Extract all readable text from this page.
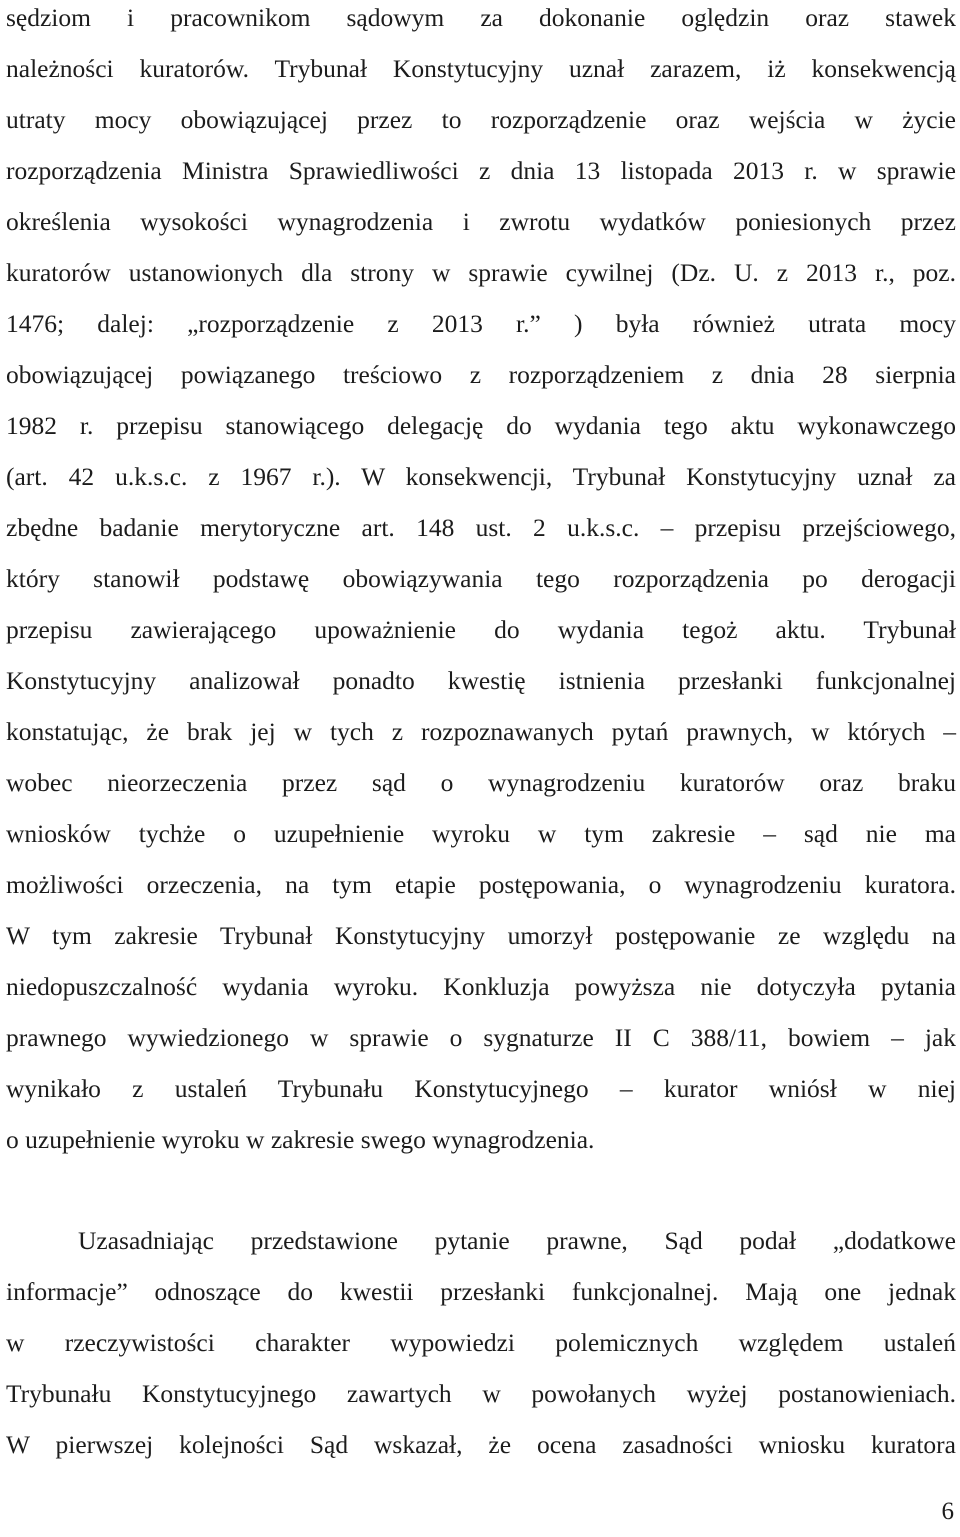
sędziom i pracownikom sądowym za dokonanie oględzin oraz stawek
należności kuratorów. Trybunał Konstytucyjny uznał zarazem, iż konsekwencją
utraty mocy obowiązującej przez to rozporządzenie oraz wejścia w życie
rozporządzenia Ministra Sprawiedliwości z dnia 13 listopada 2013 r. w sprawie
określenia wysokości wynagrodzenia i zwrotu wydatków poniesionych przez
kuratorów ustanowionych dla strony w sprawie cywilnej (Dz. U. z 2013 r., poz.
1476; dalej: „rozporządzenie z 2013 r.” ) była również utrata mocy
obowiązującej powiązanego treściowo z rozporządzeniem z dnia 28 sierpnia
1982 r. przepisu stanowiącego delegację do wydania tego aktu wykonawczego
(art. 42 u.k.s.c. z 1967 r.). W konsekwencji, Trybunał Konstytucyjny uznał za
zbędne badanie merytoryczne art. 148 ust. 2 u.k.s.c. – przepisu przejściowego,
który stanowił podstawę obowiązywania tego rozporządzenia po derogacji
przepisu zawierającego upoważnienie do wydania tegoż aktu. Trybunał
Konstytucyjny analizował ponadto kwestię istnienia przesłanki funkcjonalnej
konstatując, że brak jej w tych z rozpoznawanych pytań prawnych, w których –
wobec nieorzeczenia przez sąd o wynagrodzeniu kuratorów oraz braku
wniosków tychże o uzupełnienie wyroku w tym zakresie – sąd nie ma
możliwości orzeczenia, na tym etapie postępowania, o wynagrodzeniu kuratora.
W tym zakresie Trybunał Konstytucyjny umorzył postępowanie ze względu na
niedopuszczalność wydania wyroku. Konkluzja powyższa nie dotyczyła pytania
prawnego wywiedzionego w sprawie o sygnaturze II C 388/11, bowiem – jak
wynikało z ustaleń Trybunału Konstytucyjnego – kurator wniósł w niej
o uzupełnienie wyroku w zakresie swego wynagrodzenia.
Uzasadniając przedstawione pytanie prawne, Sąd podał „dodatkowe
informacje” odnoszące do kwestii przesłanki funkcjonalnej. Mają one jednak
w rzeczywistości charakter wypowiedzi polemicznych względem ustaleń
Trybunału Konstytucyjnego zawartych w powołanych wyżej postanowieniach.
W pierwszej kolejności Sąd wskazał, że ocena zasadności wniosku kuratora
6
